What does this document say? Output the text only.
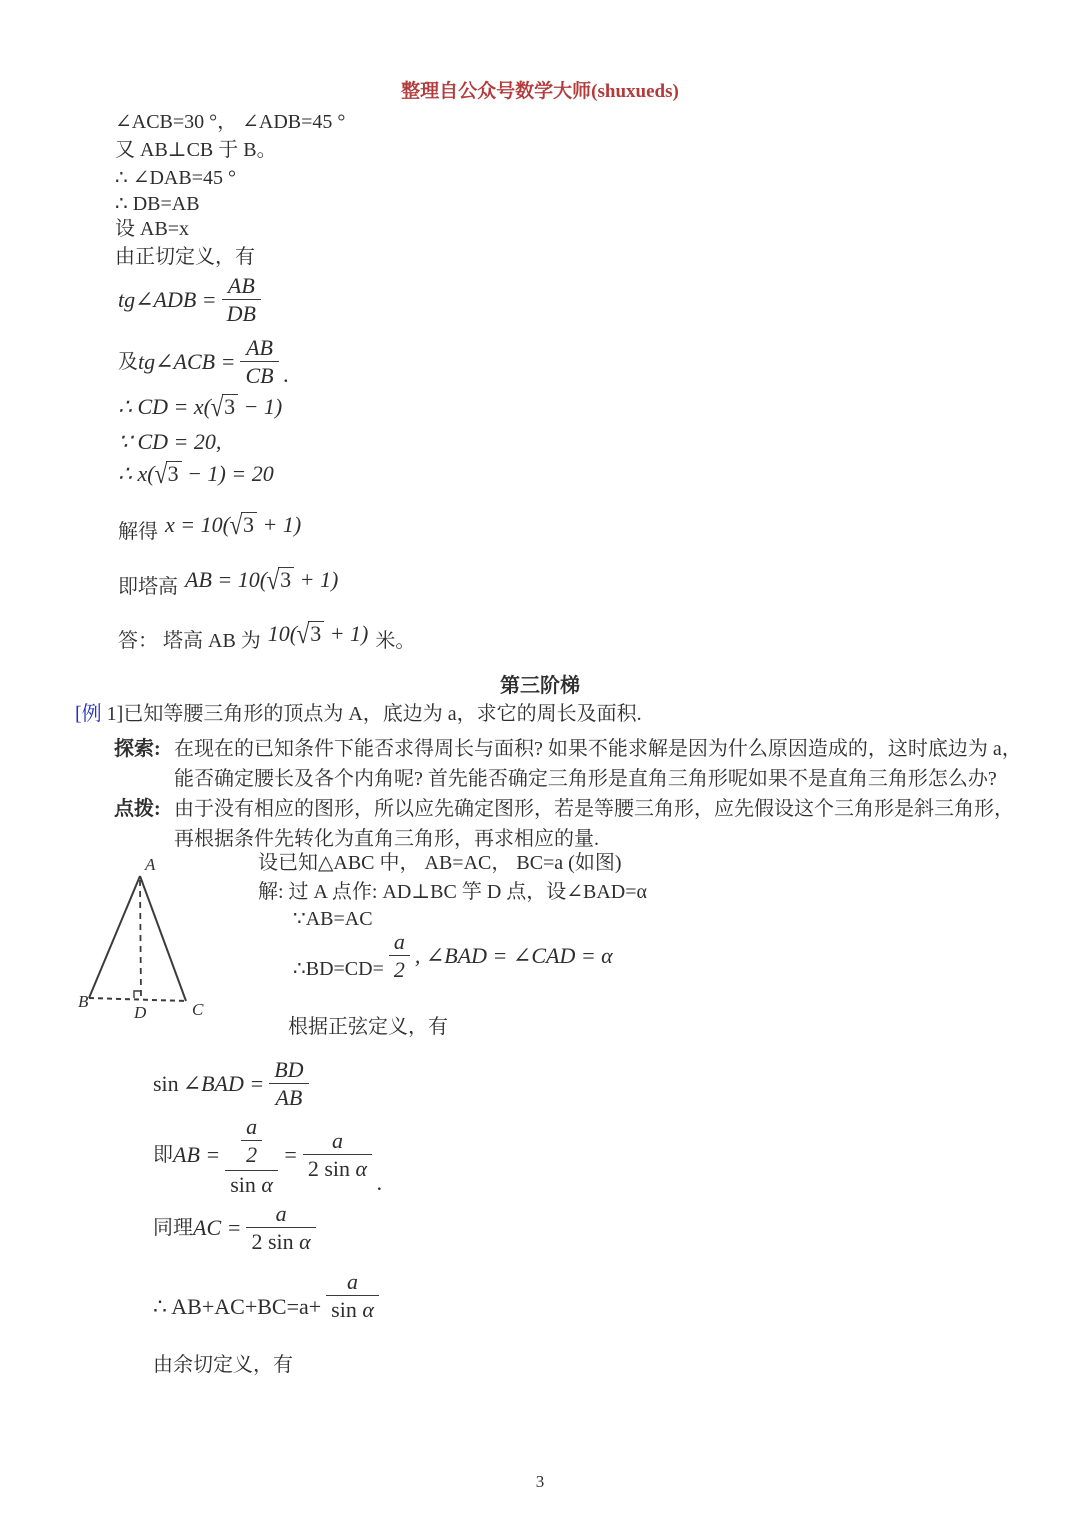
整理自公众号数学大师(shuxueds)
∠ACB=30 °， ∠ADB=45 °
又 AB⊥CB 于 B。
∴ ∠DAB=45 °
∴ DB=AB
设 AB=x
由正切定义，有
tg∠ADB = $\frac{AB}{DB}$
及 tg∠ACB = $\frac{AB}{CB}$ .
∴ CD = x(√3 − 1)
∵ CD = 20,
∴ x(√3 − 1) = 20
解得 x = 10(√3 + 1)
即塔高 AB = 10(√3 + 1)
答： 塔高 AB 为 10(√3 + 1) 米。
第三阶梯
[例 1]已知等腰三角形的顶点为 A，底边为 a，求它的周长及面积.
探索: 在现在的已知条件下能否求得周长与面积? 如果不能求解是因为什么原因造成的，这时底边为 a，
能否确定腰长及各个内角呢? 首先能否确定三角形是直角三角形呢如果不是直角三角形怎么办?
点拨: 由于没有相应的图形，所以应先确定图形，若是等腰三角形，应先假设这个三角形是斜三角形，
再根据条件先转化为直角三角形，再求相应的量.
A
B	C
D
设已知△ABC 中， AB=AC， BC=a (如图)
解: 过 A 点作: AD⊥BC 竽 D 点，设∠BAD=α
∵AB=AC
∴BD=CD= $\frac{a}{2}$ , ∠BAD = ∠CAD = α
根据正弦定义，有
sin ∠BAD = $\frac{BD}{AB}$
即 AB = $\frac{\frac{a}{2}}{\text{sin α}} = \frac{a}{\text{2 sin α}}$ .
同理 AC = $\frac{a}{\text{2 sin α}}$
∴ $AB+AC+BC=a+ \frac{a}{\text{sin α}}$
由余切定义，有
3
